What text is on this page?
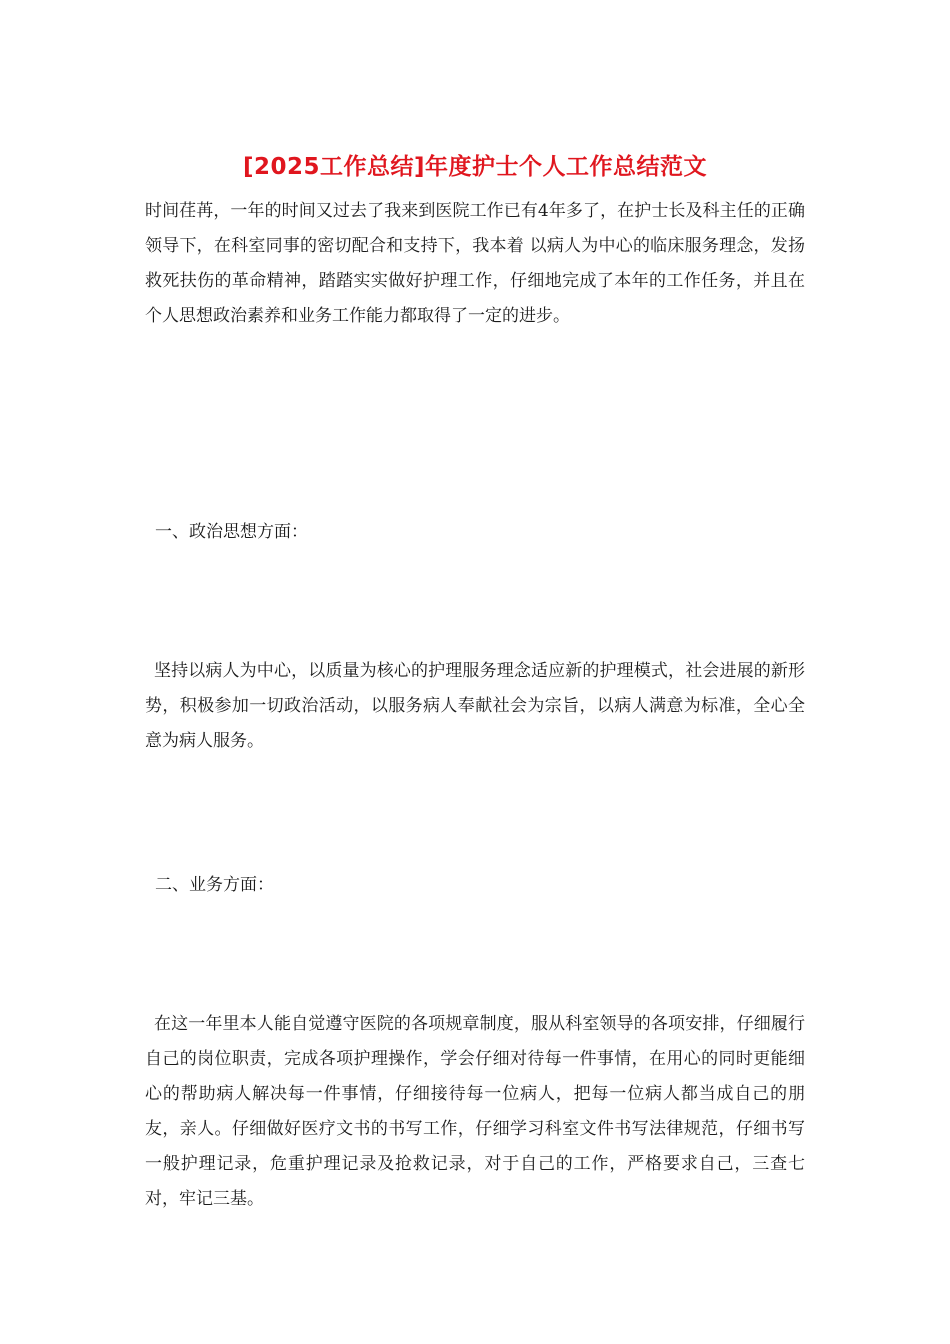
[2025工作总结]年度护士个人工作总结范文

时间荏苒，一年的时间又过去了我来到医院工作已有4年多了，在护士长及科主任的正确领导下，在科室同事的密切配合和支持下，我本着 以病人为中心的临床服务理念，发扬救死扶伤的革命精神，踏踏实实做好护理工作，仔细地完成了本年的工作任务，并且在个人思想政治素养和业务工作能力都取得了一定的进步。

一、政治思想方面：

坚持以病人为中心，以质量为核心的护理服务理念适应新的护理模式，社会进展的新形势，积极参加一切政治活动，以服务病人奉献社会为宗旨，以病人满意为标准，全心全意为病人服务。

二、业务方面：

在这一年里本人能自觉遵守医院的各项规章制度，服从科室领导的各项安排，仔细履行自己的岗位职责，完成各项护理操作，学会仔细对待每一件事情，在用心的同时更能细心的帮助病人解决每一件事情，仔细接待每一位病人，把每一位病人都当成自己的朋友，亲人。仔细做好医疗文书的书写工作，仔细学习科室文件书写法律规范，仔细书写一般护理记录，危重护理记录及抢救记录，对于自己的工作，严格要求自己，三查七对，牢记三基。
